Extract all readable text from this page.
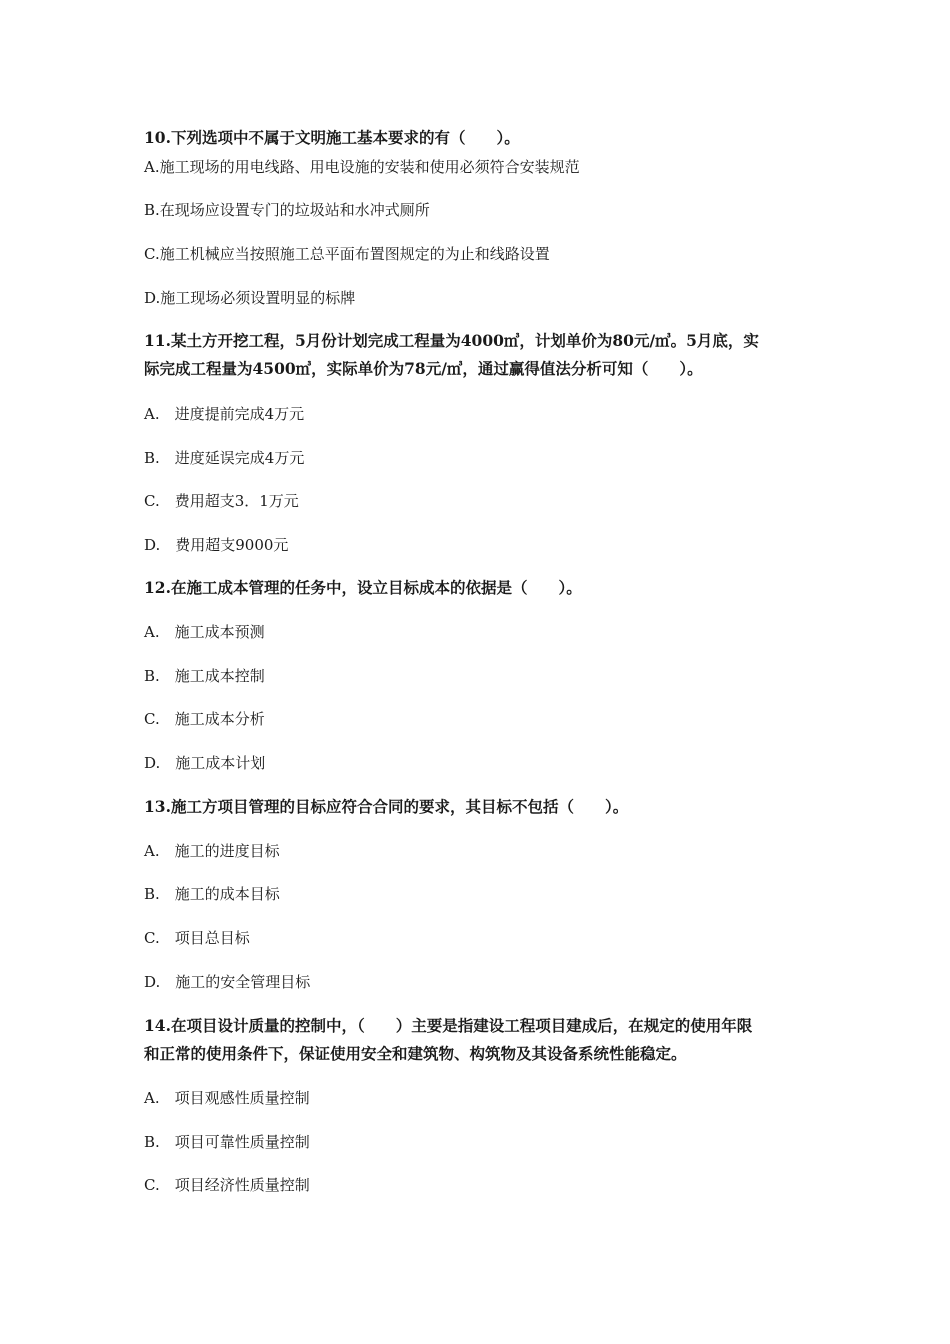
10.下列选项中不属于文明施工基本要求的有（　　）。
A.施工现场的用电线路、用电设施的安装和使用必须符合安装规范
B.在现场应设置专门的垃圾站和水冲式厕所
C.施工机械应当按照施工总平面布置图规定的为止和线路设置
D.施工现场必须设置明显的标牌
11.某土方开挖工程，5月份计划完成工程量为4000㎥，计划单价为80元/㎥。5月底，实
际完成工程量为4500㎥，实际单价为78元/㎥，通过赢得值法分析可知（　　）。
A.　进度提前完成4万元
B.　进度延误完成4万元
C.　费用超支3．1万元
D.　费用超支9000元
12.在施工成本管理的任务中，设立目标成本的依据是（　　）。
A.　施工成本预测
B.　施工成本控制
C.　施工成本分析
D.　施工成本计划
13.施工方项目管理的目标应符合合同的要求，其目标不包括（　　）。
A.　施工的进度目标
B.　施工的成本目标
C.　项目总目标
D.　施工的安全管理目标
14.在项目设计质量的控制中，（　　）主要是指建设工程项目建成后，在规定的使用年限
和正常的使用条件下，保证使用安全和建筑物、构筑物及其设备系统性能稳定。
A.　项目观感性质量控制
B.　项目可靠性质量控制
C.　项目经济性质量控制
